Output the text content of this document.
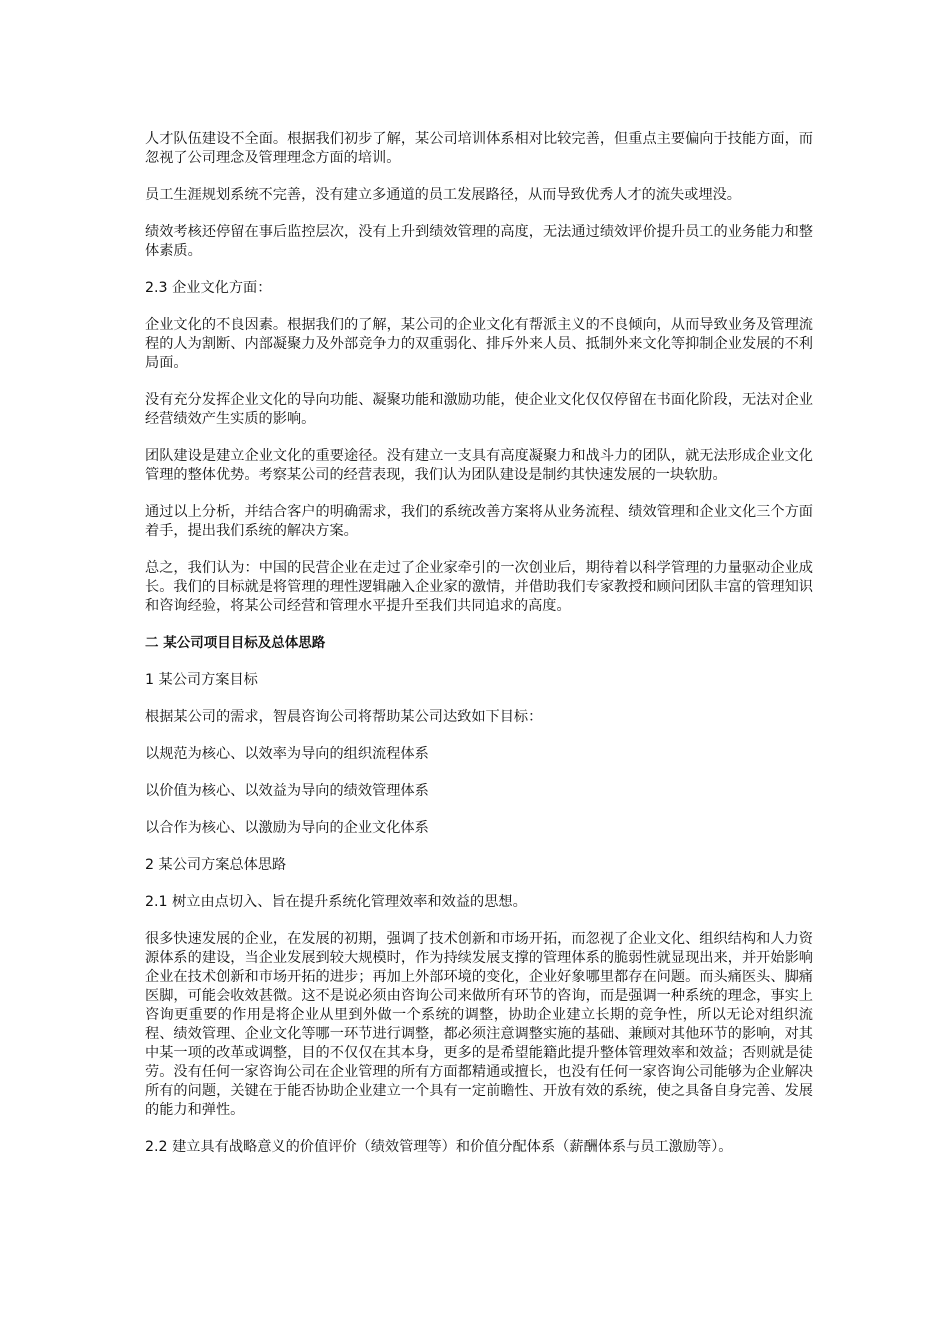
人才队伍建设不全面。根据我们初步了解，某公司培训体系相对比较完善，但重点主要偏向于技能方面，而忽视了公司理念及管理理念方面的培训。

员工生涯规划系统不完善，没有建立多通道的员工发展路径，从而导致优秀人才的流失或埋没。

绩效考核还停留在事后监控层次，没有上升到绩效管理的高度，无法通过绩效评价提升员工的业务能力和整体素质。

2.3 企业文化方面：

企业文化的不良因素。根据我们的了解，某公司的企业文化有帮派主义的不良倾向，从而导致业务及管理流程的人为割断、内部凝聚力及外部竞争力的双重弱化、排斥外来人员、抵制外来文化等抑制企业发展的不利局面。

没有充分发挥企业文化的导向功能、凝聚功能和激励功能，使企业文化仅仅停留在书面化阶段，无法对企业经营绩效产生实质的影响。

团队建设是建立企业文化的重要途径。没有建立一支具有高度凝聚力和战斗力的团队，就无法形成企业文化管理的整体优势。考察某公司的经营表现，我们认为团队建设是制约其快速发展的一块软肋。

通过以上分析，并结合客户的明确需求，我们的系统改善方案将从业务流程、绩效管理和企业文化三个方面着手，提出我们系统的解决方案。

总之，我们认为：中国的民营企业在走过了企业家牵引的一次创业后，期待着以科学管理的力量驱动企业成长。我们的目标就是将管理的理性逻辑融入企业家的激情，并借助我们专家教授和顾问团队丰富的管理知识和咨询经验，将某公司经营和管理水平提升至我们共同追求的高度。

二 某公司项目目标及总体思路

1 某公司方案目标

根据某公司的需求，智晨咨询公司将帮助某公司达致如下目标：

以规范为核心、以效率为导向的组织流程体系

以价值为核心、以效益为导向的绩效管理体系

以合作为核心、以激励为导向的企业文化体系

2 某公司方案总体思路

2.1 树立由点切入、旨在提升系统化管理效率和效益的思想。

很多快速发展的企业，在发展的初期，强调了技术创新和市场开拓，而忽视了企业文化、组织结构和人力资源体系的建设，当企业发展到较大规模时，作为持续发展支撑的管理体系的脆弱性就显现出来，并开始影响企业在技术创新和市场开拓的进步；再加上外部环境的变化，企业好象哪里都存在问题。而头痛医头、脚痛医脚，可能会收效甚微。这不是说必须由咨询公司来做所有环节的咨询，而是强调一种系统的理念，事实上咨询更重要的作用是将企业从里到外做一个系统的调整，协助企业建立长期的竞争性，所以无论对组织流程、绩效管理、企业文化等哪一环节进行调整，都必须注意调整实施的基础、兼顾对其他环节的影响，对其中某一项的改革或调整，目的不仅仅在其本身，更多的是希望能籍此提升整体管理效率和效益；否则就是徒劳。没有任何一家咨询公司在企业管理的所有方面都精通或擅长，也没有任何一家咨询公司能够为企业解决所有的问题，关键在于能否协助企业建立一个具有一定前瞻性、开放有效的系统，使之具备自身完善、发展的能力和弹性。

2.2 建立具有战略意义的价值评价（绩效管理等）和价值分配体系（薪酬体系与员工激励等）。
